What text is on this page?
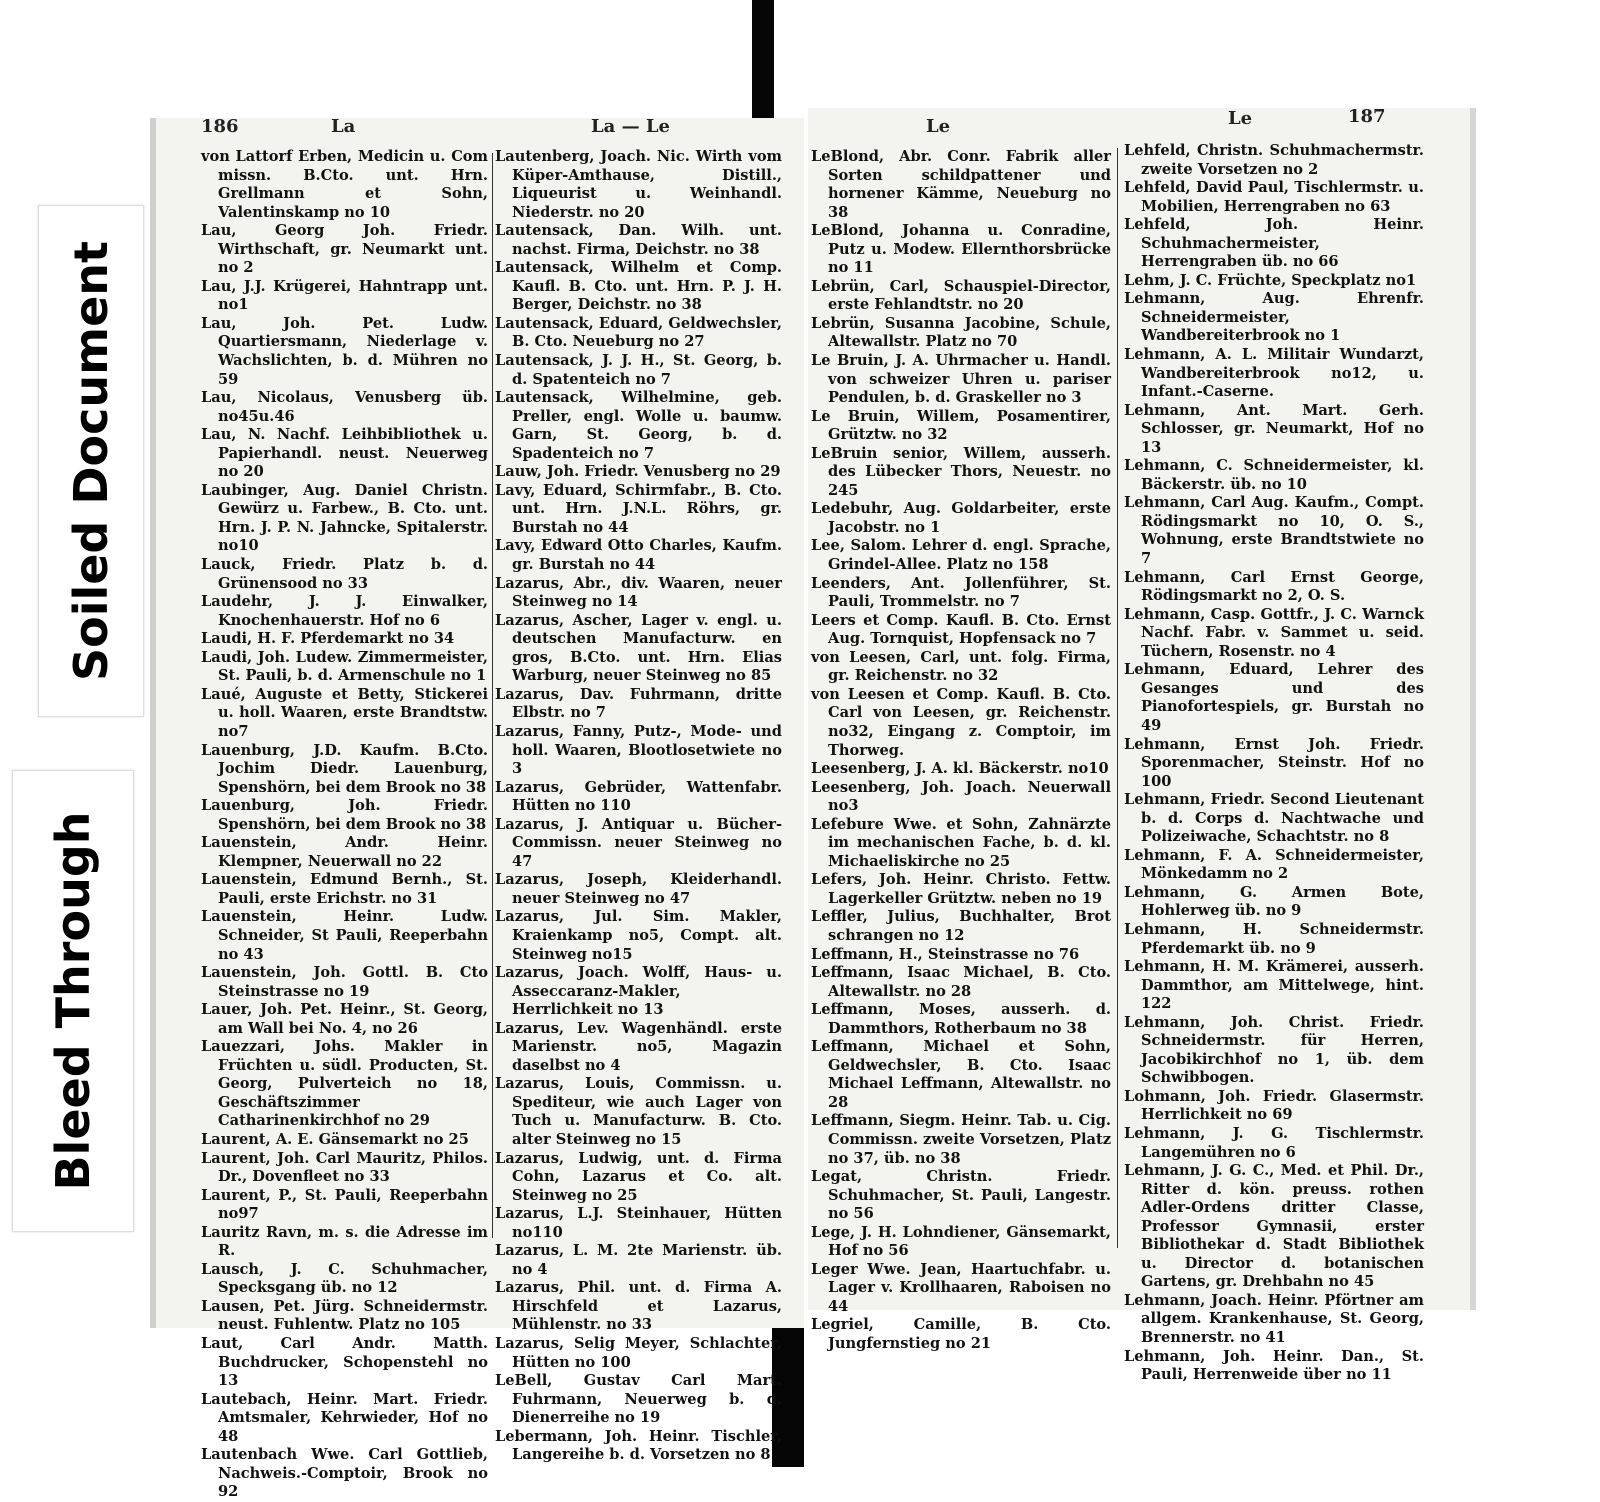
Soiled Document
Bleed Through
186	La	La — Le
von Lattorf Erben, Medicin u. Com missn. B.Cto. unt. Hrn. Grellmann et Sohn, Valentinskamp no 10
Lau, Georg Joh. Friedr. Wirthschaft, gr. Neumarkt unt. no 2
Lau, J.J. Krügerei, Hahntrapp unt. no1
Lau, Joh. Pet. Ludw. Quartiersmann, Niederlage v. Wachslichten, b. d. Mühren no 59
Lau, Nicolaus, Venusberg üb. no45u.46
Lau, N. Nachf. Leihbibliothek u. Papierhandl. neust. Neuerweg no 20
Laubinger, Aug. Daniel Christn. Gewürz u. Farbew., B. Cto. unt. Hrn. J. P. N. Jahncke, Spitalerstr. no10
Lauck, Friedr. Platz b. d. Grünensood no 33
Laudehr, J. J. Einwalker, Knochenhauerstr. Hof no 6
Laudi, H. F. Pferdemarkt no 34
Laudi, Joh. Ludew. Zimmermeister, St. Pauli, b. d. Armenschule no 1
Laué, Auguste et Betty, Stickerei u. holl. Waaren, erste Brandtstw. no7
Lauenburg, J.D. Kaufm. B.Cto. Jochim Diedr. Lauenburg, Spenshörn, bei dem Brook no 38
Lauenburg, Joh. Friedr. Spenshörn, bei dem Brook no 38
Lauenstein, Andr. Heinr. Klempner, Neuerwall no 22
Lauenstein, Edmund Bernh., St. Pauli, erste Erichstr. no 31
Lauenstein, Heinr. Ludw. Schneider, St Pauli, Reeperbahn no 43
Lauenstein, Joh. Gottl. B. Cto Steinstrasse no 19
Lauer, Joh. Pet. Heinr., St. Georg, am Wall bei No. 4, no 26
Lauezzari, Johs. Makler in Früchten u. südl. Producten, St. Georg, Pulverteich no 18, Geschäftszimmer Catharinenkirchhof no 29
Laurent, A. E. Gänsemarkt no 25
Laurent, Joh. Carl Mauritz, Philos. Dr., Dovenfleet no 33
Laurent, P., St. Pauli, Reeperbahn no97
Lauritz Ravn, m. s. die Adresse im R.
Lausch, J. C. Schuhmacher, Specksgang üb. no 12
Lausen, Pet. Jürg. Schneidermstr. neust. Fuhlentw. Platz no 105
Laut, Carl Andr. Matth. Buchdrucker, Schopenstehl no 13
Lautebach, Heinr. Mart. Friedr. Amtsmaler, Kehrwieder, Hof no 48
Lautenbach Wwe. Carl Gottlieb, Nachweis.-Comptoir, Brook no 92
Lautenberg, Joach. Nic. Wirth vom Küper-Amthause, Distill., Liqueurist u. Weinhandl. Niederstr. no 20
Lautensack, Dan. Wilh. unt. nachst. Firma, Deichstr. no 38
Lautensack, Wilhelm et Comp. Kaufl. B. Cto. unt. Hrn. P. J. H. Berger, Deichstr. no 38
Lautensack, Eduard, Geldwechsler, B. Cto. Neueburg no 27
Lautensack, J. J. H., St. Georg, b. d. Spatenteich no 7
Lautensack, Wilhelmine, geb. Preller, engl. Wolle u. baumw. Garn, St. Georg, b. d. Spadenteich no 7
Lauw, Joh. Friedr. Venusberg no 29
Lavy, Eduard, Schirmfabr., B. Cto. unt. Hrn. J.N.L. Röhrs, gr. Burstah no 44
Lavy, Edward Otto Charles, Kaufm. gr. Burstah no 44
Lazarus, Abr., div. Waaren, neuer Steinweg no 14
Lazarus, Ascher, Lager v. engl. u. deutschen Manufacturw. en gros, B.Cto. unt. Hrn. Elias Warburg, neuer Steinweg no 85
Lazarus, Dav. Fuhrmann, dritte Elbstr. no 7
Lazarus, Fanny, Putz-, Mode- und holl. Waaren, Blootlosetwiete no 3
Lazarus, Gebrüder, Wattenfabr. Hütten no 110
Lazarus, J. Antiquar u. Bücher-Commissn. neuer Steinweg no 47
Lazarus, Joseph, Kleiderhandl. neuer Steinweg no 47
Lazarus, Jul. Sim. Makler, Kraienkamp no5, Compt. alt. Steinweg no15
Lazarus, Joach. Wolff, Haus- u. Asseccaranz-Makler, Herrlichkeit no 13
Lazarus, Lev. Wagenhändl. erste Marienstr. no5, Magazin daselbst no 4
Lazarus, Louis, Commissn. u. Spediteur, wie auch Lager von Tuch u. Manufacturw. B. Cto. alter Steinweg no 15
Lazarus, Ludwig, unt. d. Firma Cohn, Lazarus et Co. alt. Steinweg no 25
Lazarus, L.J. Steinhauer, Hütten no110
Lazarus, L. M. 2te Marienstr. üb. no 4
Lazarus, Phil. unt. d. Firma A. Hirschfeld et Lazarus, Mühlenstr. no 33
Lazarus, Selig Meyer, Schlachter, Hütten no 100
LeBell, Gustav Carl Mart. Fuhrmann, Neuerweg b. d. Dienerreihe no 19
Lebermann, Joh. Heinr. Tischler, Langereihe b. d. Vorsetzen no 8
Le	Le	187
LeBlond, Abr. Conr. Fabrik aller Sorten schildpattener und hornener Kämme, Neueburg no 38
LeBlond, Johanna u. Conradine, Putz u. Modew. Ellernthorsbrücke no 11
Lebrün, Carl, Schauspiel-Director, erste Fehlandtstr. no 20
Lebrün, Susanna Jacobine, Schule, Altewallstr. Platz no 70
Le Bruin, J. A. Uhrmacher u. Handl. von schweizer Uhren u. pariser Pendulen, b. d. Graskeller no 3
Le Bruin, Willem, Posamentirer, Grütztw. no 32
LeBruin senior, Willem, ausserh. des Lübecker Thors, Neuestr. no 245
Ledebuhr, Aug. Goldarbeiter, erste Jacobstr. no 1
Lee, Salom. Lehrer d. engl. Sprache, Grindel-Allee. Platz no 158
Leenders, Ant. Jollenführer, St. Pauli, Trommelstr. no 7
Leers et Comp. Kaufl. B. Cto. Ernst Aug. Tornquist, Hopfensack no 7
von Leesen, Carl, unt. folg. Firma, gr. Reichenstr. no 32
von Leesen et Comp. Kaufl. B. Cto. Carl von Leesen, gr. Reichenstr. no32, Eingang z. Comptoir, im Thorweg.
Leesenberg, J. A. kl. Bäckerstr. no10
Leesenberg, Joh. Joach. Neuerwall no3
Lefebure Wwe. et Sohn, Zahnärzte im mechanischen Fache, b. d. kl. Michaeliskirche no 25
Lefers, Joh. Heinr. Christo. Fettw. Lagerkeller Grütztw. neben no 19
Leffler, Julius, Buchhalter, Brot schrangen no 12
Leffmann, H., Steinstrasse no 76
Leffmann, Isaac Michael, B. Cto. Altewallstr. no 28
Leffmann, Moses, ausserh. d. Dammthors, Rotherbaum no 38
Leffmann, Michael et Sohn, Geldwechsler, B. Cto. Isaac Michael Leffmann, Altewallstr. no 28
Leffmann, Siegm. Heinr. Tab. u. Cig. Commissn. zweite Vorsetzen, Platz no 37, üb. no 38
Legat, Christn. Friedr. Schuhmacher, St. Pauli, Langestr. no 56
Lege, J. H. Lohndiener, Gänsemarkt, Hof no 56
Leger Wwe. Jean, Haartuchfabr. u. Lager v. Krollhaaren, Raboisen no 44
Legriel, Camille, B. Cto. Jungfernstieg no 21
Lehfeld, Christn. Schuhmachermstr. zweite Vorsetzen no 2
Lehfeld, David Paul, Tischlermstr. u. Mobilien, Herrengraben no 63
Lehfeld, Joh. Heinr. Schuhmachermeister, Herrengraben üb. no 66
Lehm, J. C. Früchte, Speckplatz no1
Lehmann, Aug. Ehrenfr. Schneidermeister, Wandbereiterbrook no 1
Lehmann, A. L. Militair Wundarzt, Wandbereiterbrook no12, u. Infant.-Caserne.
Lehmann, Ant. Mart. Gerh. Schlosser, gr. Neumarkt, Hof no 13
Lehmann, C. Schneidermeister, kl. Bäckerstr. üb. no 10
Lehmann, Carl Aug. Kaufm., Compt. Rödingsmarkt no 10, O. S., Wohnung, erste Brandtstwiete no 7
Lehmann, Carl Ernst George, Rödingsmarkt no 2, O. S.
Lehmann, Casp. Gottfr., J. C. Warnck Nachf. Fabr. v. Sammet u. seid. Tüchern, Rosenstr. no 4
Lehmann, Eduard, Lehrer des Gesanges und des Pianofortespiels, gr. Burstah no 49
Lehmann, Ernst Joh. Friedr. Sporenmacher, Steinstr. Hof no 100
Lehmann, Friedr. Second Lieutenant b. d. Corps d. Nachtwache und Polizeiwache, Schachtstr. no 8
Lehmann, F. A. Schneidermeister, Mönkedamm no 2
Lehmann, G. Armen Bote, Hohlerweg üb. no 9
Lehmann, H. Schneidermstr. Pferdemarkt üb. no 9
Lehmann, H. M. Krämerei, ausserh. Dammthor, am Mittelwege, hint. 122
Lehmann, Joh. Christ. Friedr. Schneidermstr. für Herren, Jacobikirchhof no 1, üb. dem Schwibbogen.
Lohmann, Joh. Friedr. Glasermstr. Herrlichkeit no 69
Lehmann, J. G. Tischlermstr. Langemühren no 6
Lehmann, J. G. C., Med. et Phil. Dr., Ritter d. kön. preuss. rothen Adler-Ordens dritter Classe, Professor Gymnasii, erster Bibliothekar d. Stadt Bibliothek u. Director d. botanischen Gartens, gr. Drehbahn no 45
Lehmann, Joach. Heinr. Pförtner am allgem. Krankenhause, St. Georg, Brennerstr. no 41
Lehmann, Joh. Heinr. Dan., St. Pauli, Herrenweide über no 11
